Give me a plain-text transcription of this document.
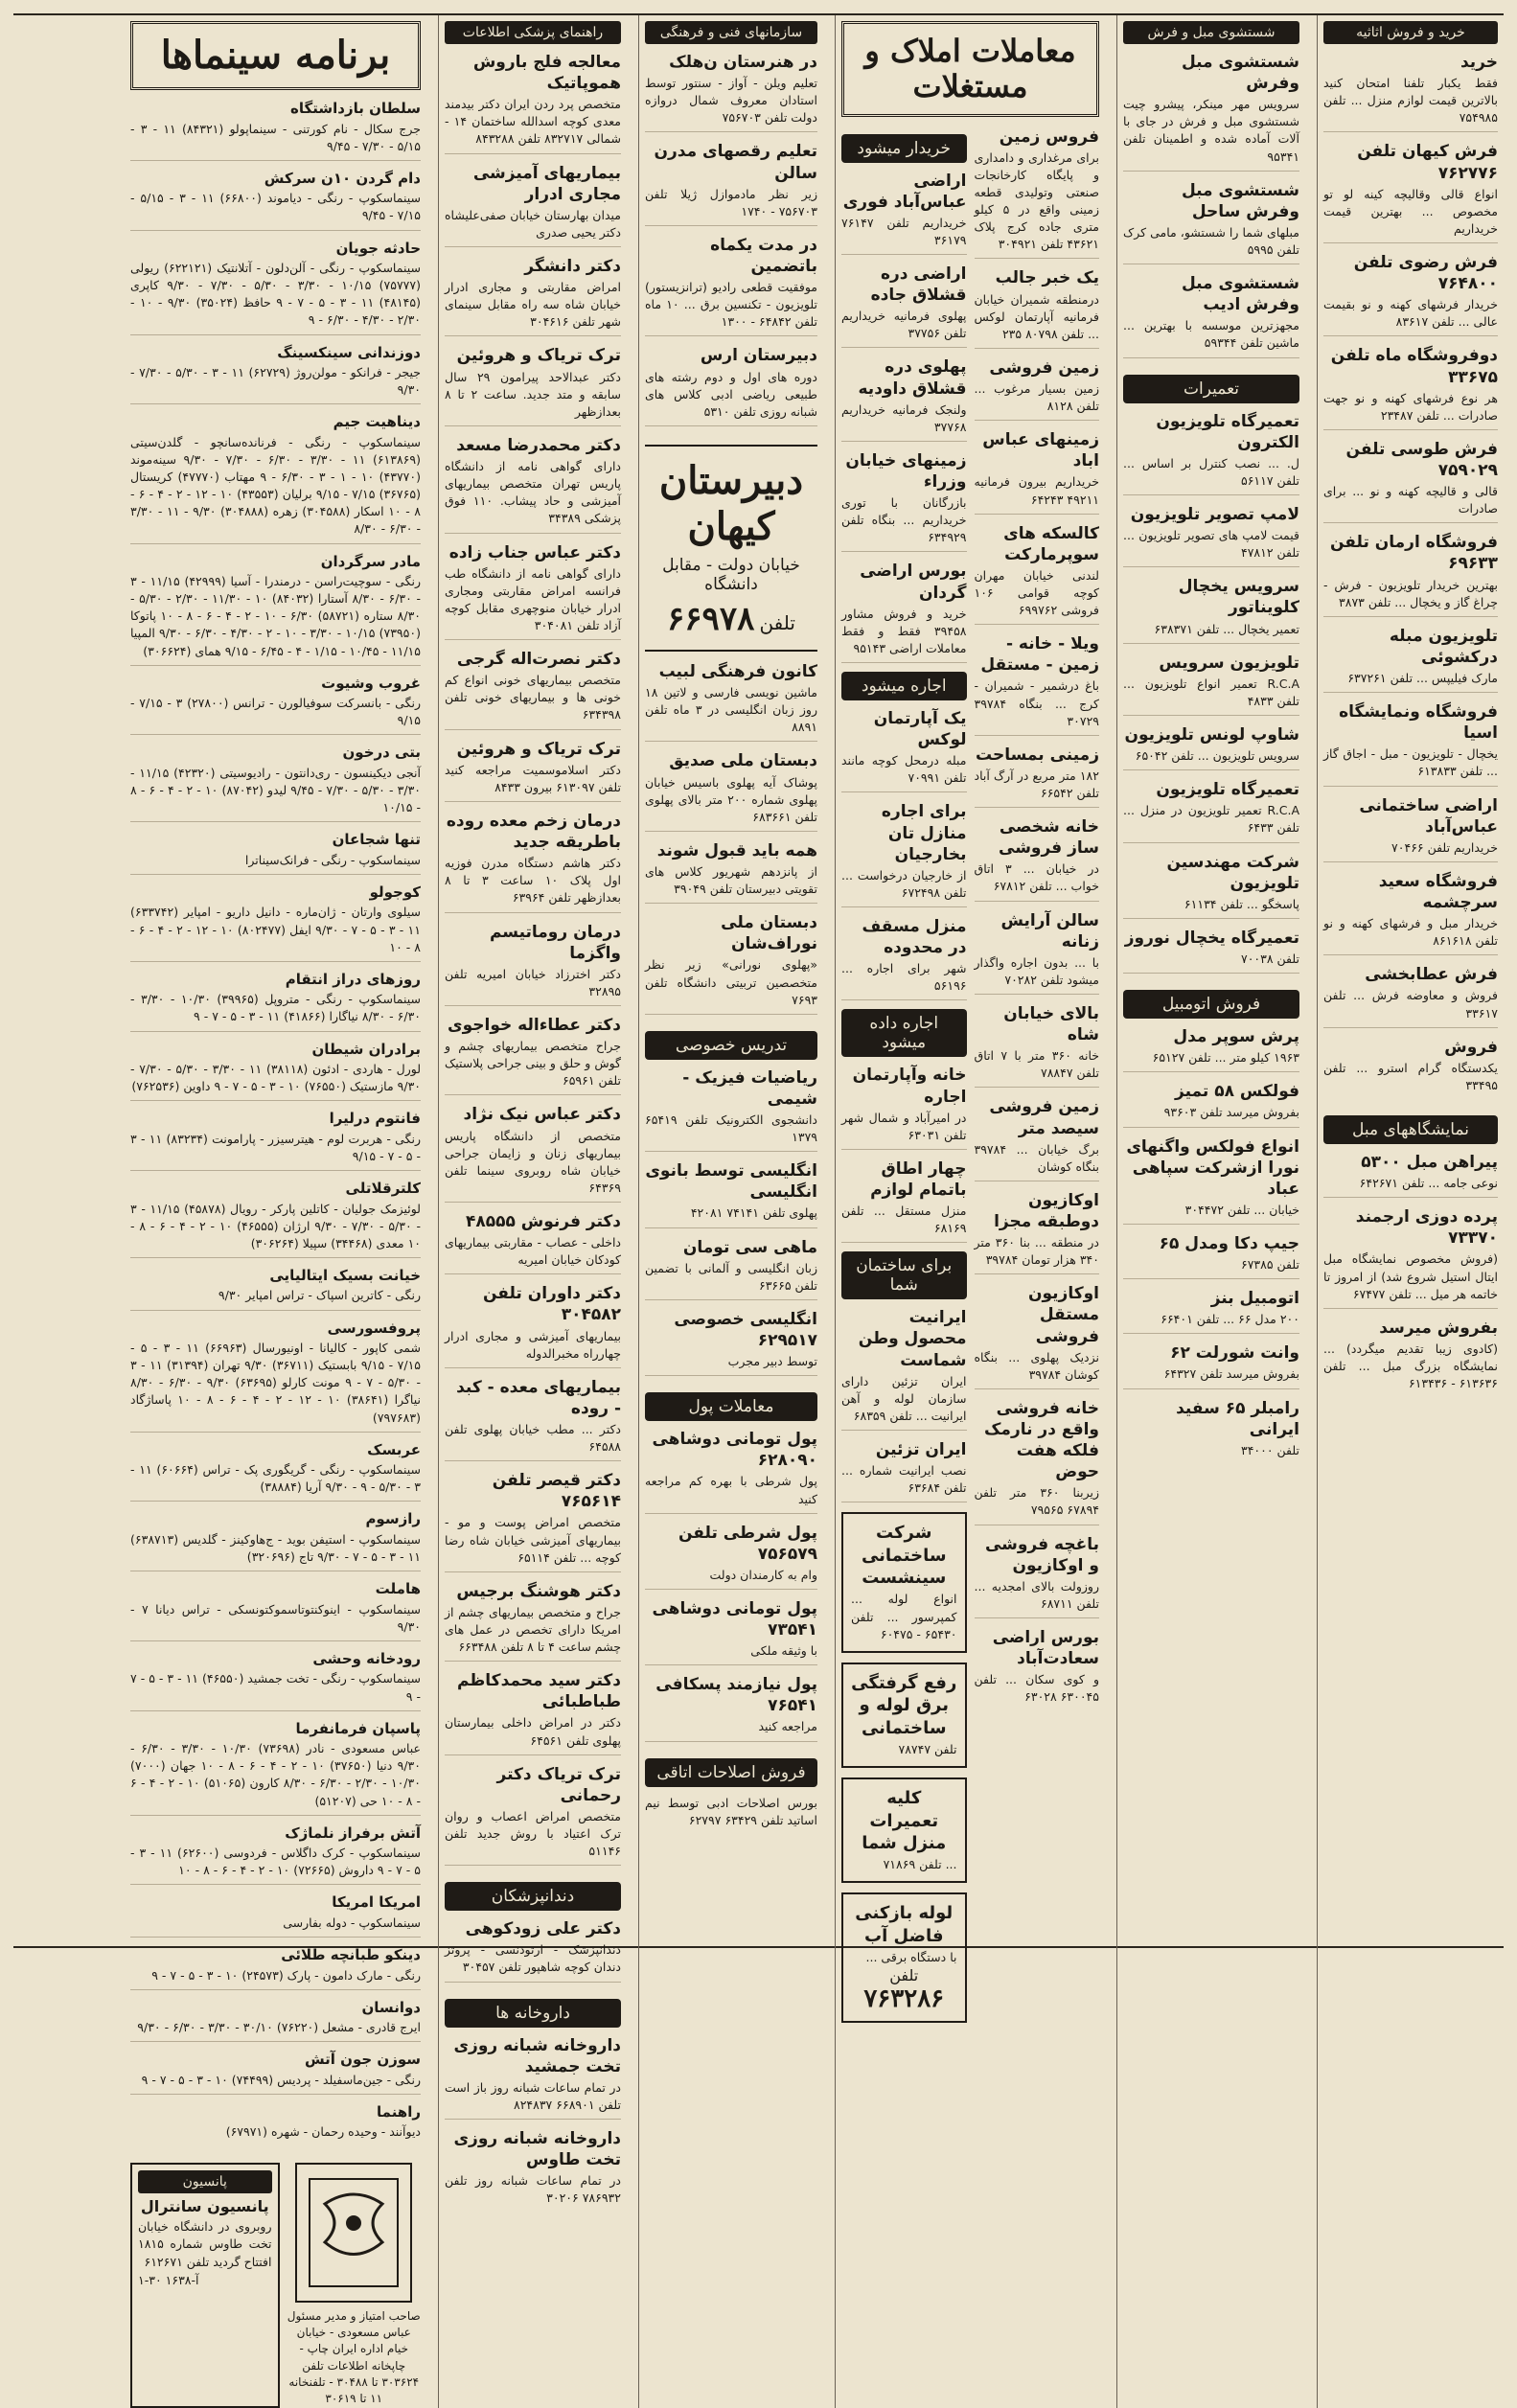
خرید و فروش اثاثیه
خرید
فقط یکبار تلفنا امتحان کنید بالاترین قیمت لوازم منزل ... تلفن ۷۵۴۹۸۵
فرش کیهان تلفن ۷۶۲۷۷۶
انواع قالی وقالیچه کینه‌ لو تو مخصوص ... بهترین قیمت خریداریم
فرش رضوی تلفن ۷۶۴۸۰۰
خریدار فرشهای کهنه و نو بقیمت عالی ... تلفن ۸۳۶۱۷
دوفروشگاه ماه تلفن ۳۳۶۷۵
هر نوع فرشهای کهنه و نو جهت صادرات ... تلفن ۲۳۴۸۷
فرش طوسی تلفن ۷۵۹۰۲۹
قالی و قالیچه کهنه و نو ... برای صادرات
فروشگاه ارمان تلفن ۶۹۶۳۳
بهترین خریدار تلویزیون - فرش - چراغ گاز و یخچال ... تلفن ۳۸۷۳
تلویزیون مبله درکشوئی
مارک فیلیپس ... تلفن ۶۳۷۲۶۱
فروشگاه ونمایشگاه اسیا
یخچال - تلویزیون - مبل - اجاق گاز ... تلفن ۶۱۳۸۳۳
اراضی ساختمانی عباس‌آباد
خریداریم تلفن ۷۰۴۶۶
فروشگاه سعید سرچشمه
خریدار مبل و فرشهای کهنه و نو تلفن ۸۶۱۶۱۸
فرش عطابخشی
فروش و معاوضه فرش ... تلفن ۳۳۶۱۷
فروش
یکدستگاه گرام استرو ... تلفن ۳۳۴۹۵
نمایشگاههای مبل
پیراهن مبل ۵۳۰۰
نوعی جامه ... تلفن ۶۴۲۶۷۱
پرده دوزی ارجمند ۷۳۳۷۰
(فروش مخصوص نمایشگاه مبل ایتال استیل شروع شد) از امروز تا خاتمه هر میل ... تلفن ۶۷۴۷۷
بفروش میرسد
(کادوی زیبا تقدیم میگردد) ... نمایشگاه بزرگ مبل ... تلفن ۶۱۳۶۳۶ - ۶۱۳۴۳۶
شستشوی مبل و فرش
شستشوی مبل وفرش
سرویس مهر مینکر، پیشرو چیت شستشوی مبل و فرش در جای با آلات آماده شده و اطمینان تلفن ۹۵۳۴۱
شستشوی مبل وفرش ساحل
مبلهای شما را شستشو، مامی کرک تلفن ۵۹۹۵
شستشوی مبل وفرش ادیب
مجهزترین موسسه با بهترین ... ماشین تلفن ۵۹۳۴۴
تعمیرات
تعمیرگاه تلویزیون الکترون
ل. ... نصب کنترل بر اساس ... تلفن ۵۶۱۱۷
لامپ تصویر تلویزیون
قیمت لامپ های تصویر تلویزیون ... تلفن ۴۷۸۱۲
سرویس یخچال کلویناتور
تعمیر یخچال ... تلفن ۶۳۸۳۷۱
تلویزیون سرویس
R.C.A تعمیر انواع تلویزیون ... تلفن ۴۸۳۳
شاوپ لونس تلویزیون
سرویس تلویزیون ... تلفن ۶۵۰۴۲
تعمیرگاه تلویزیون
R.C.A تعمیر تلویزیون در منزل ... تلفن ۶۴۳۳
شرکت مهندسین تلویزیون
پاسخگو ... تلفن ۶۱۱۳۴
تعمیرگاه یخچال نوروز
تلفن ۷۰۰۳۸
فروش اتومبیل
پرش سوپر مدل
۱۹۶۳ کیلو متر ... تلفن ۶۵۱۲۷
فولکس ۵۸ تمیز
بفروش میرسد تلفن ۹۳۶۰۳
انواع فولکس واگنهای نورا ازشرکت سپاهی عباد
خیابان ... تلفن ۳۰۴۴۷۲
جیپ دکا ومدل ۶۵
تلفن ۶۷۳۸۵
اتومبیل بنز
۲۰۰ مدل ۶۶ ... تلفن ۶۶۴۰۱
وانت شورلت ۶۲
بفروش میرسد تلفن ۶۴۳۲۷
رامبلر ۶۵ سفید ایرانی
تلفن ۳۴۰۰۰
معاملات املاک و مستغلات
فروس زمین
برای مرغداری و دامداری و پایگاه کارخانجات صنعتی وتولیدی قطعه زمینی واقع در ۵ کیلو متری جاده کرج پلاک ۴۳۶۲۱ تلفن ۳۰۴۹۲۱
یک خبر جالب
درمنطقه شمیران خیابان فرمانیه آپارتمان لوکس ... تلفن ۸۰۷۹۸ ۲۳۵
زمین فروشی
زمین بسیار مرغوب ... تلفن ۸۱۲۸
زمینهای عباس اباد
خریداریم بیرون فرمانیه ۴۹۲۱۱ ۶۴۲۴۳
کالسکه های سوپرمارکت
لندنی خیابان مهران کوچه قوامی ۱۰۶ فروشی ۶۹۹۷۶۲
ویلا - خانه - زمین - مستقل
باغ درشمیر - شمیران - کرج ... بنگاه ۳۹۷۸۴ ۳۰۷۲۹
زمینی بمساحت
۱۸۲ متر مربع در آرگ آباد تلفن ۶۶۵۴۲
خانه شخصی ساز فروشی
در خیابان ... ۳ اتاق خواب ... تلفن ۶۷۸۱۲
سالن آرایش زنانه
با ... بدون اجاره واگذار میشود تلفن ۷۰۲۸۲
بالای خیابان شاه
خانه ۳۶۰ متر با ۷ اتاق تلفن ۷۸۸۴۷
زمین فروشی سیصد متر
برگ خیابان ... ۳۹۷۸۴ بنگاه کوشان
اوکازیون دوطبقه مجزا
در منطقه ... بنا ۳۶۰ متر ۳۴۰ هزار تومان ۳۹۷۸۴
اوکازیون مستقل فروشی
نزدیک پهلوی ... بنگاه کوشان ۳۹۷۸۴
خانه فروشی واقع در نارمک فلکه هفت حوض
زیربنا ۳۶۰ متر تلفن ۶۷۸۹۴ ۷۹۵۶۵
باغچه فروشی و اوکازیون
روزولت بالای امجدیه ... تلفن ۶۸۷۱۱
بورس اراضی سعادت‌آباد
و کوی سکان ... تلفن ۶۳۰۰۴۵ ۶۳۰۲۸
خریدار میشود
اراضی عباس‌آباد فوری
خریداریم تلفن ۷۶۱۴۷ ۳۶۱۷۹
اراضی دره قشلاق جاده
پهلوی فرمانیه خریداریم تلفن ۳۷۷۵۶
پهلوی دره قشلاق داوديه
ولنجک فرمانیه خریداریم ۳۷۷۶۸
زمینهای خیابان وزراء
بازرگانان با توری خریداریم ... بنگاه تلفن ۶۳۴۹۲۹
بورس اراضی گردان
خرید و فروش مشاور ۳۹۴۵۸ فقط و فقط معاملات اراضی ۹۵۱۴۳
اجاره میشود
یک آپارتمان لوکس
مبله درمحل کوچه مانند تلفن ۷۰۹۹۱
برای اجاره منازل تان بخارجیان
از خارجیان درخواست ... تلفن ۶۷۲۴۹۸
منزل مسقف در محدوده
شهر برای اجاره ... ۵۶۱۹۶
اجاره داده میشود
خانه وآپارتمان اجاره
در امیرآباد و شمال شهر تلفن ۶۳۰۳۱
چهار اطاق باتمام لوازم
منزل مستقل ... تلفن ۶۸۱۶۹
برای ساختمان شما
ایرانیت محصول وطن شماست
ایران تزئین دارای سازمان لوله و آهن ایرانیت ... تلفن ۶۸۳۵۹
ایران تزئین
نصب ایرانیت شماره ... تلفن ۶۳۶۸۴
شرکت ساختمانی سینشست
انواع لوله ... کمپرسور ... تلفن ۶۵۴۳۰ - ۶۰۴۷۵
رفع گرفتگی برق لوله و ساختمانی
تلفن ۷۸۷۴۷
کلیه تعمیرات منزل شما
... تلفن ۷۱۸۶۹
لوله بازکنی فاضل آب
با دستگاه برقی ...
تلفن ۷۶۳۲۸۶
سازمانهای فنی و فرهنگی
در هنرستان ن‌هلک
تعلیم ویلن - آواز - سنتور توسط استادان معروف شمال دروازه دولت تلفن ۷۵۶۷۰۳
تعلیم رقصهای مدرن سالن
زیر نظر مادموازل ژیلا تلفن ۷۵۶۷۰۳ - ۱۷۴۰
در مدت یکماه باتضمین
موفقیت قطعی رادیو (ترانزیستور) تلویزیون - تکنسین برق ... ۱۰ ماه تلفن ۶۴۸۴۲ - ۱۳۰۰
دبیرستان ارس
دوره های اول و دوم رشته های طبیعی ریاضی ادبی کلاس های شبانه روزی تلفن ۵۳۱۰
دبیرستان کیهان
خیابان دولت - مقابل دانشگاه
تلفن ۶۶۹۷۸
کانون فرهنگی لبیب
ماشین نویسی فارسی و لاتین ۱۸ روز زبان انگلیسی در ۳ ماه تلفن ۸۸۹۱
دبستان ملی صدیق
پوشاک آیه پهلوی باسیس خیابان پهلوی شماره ۲۰۰ متر بالای پهلوی تلفن ۶۸۳۶۶۱
همه باید قبول شوند
از پانزدهم شهریور کلاس های تقویتی دبیرستان تلفن ۳۹۰۴۹
دبستان ملی نوراف‌شان
«پهلوی نورانی» زیر نظر متخصصین تربیتی دانشگاه تلفن ۷۶۹۳
تدریس خصوصی
ریاضیات فیزیک - شیمی
دانشجوی الکترونیک تلفن ۶۵۴۱۹ ۱۳۷۹
انگلیسی توسط بانوی انگلیسی
پهلوی تلفن ۷۴۱۴۱ ۴۲۰۸۱
ماهی سی تومان
زبان انگلیسی و آلمانی با تضمین تلفن ۶۳۶۶۵
انگلیسی خصوصی ۶۲۹۵۱۷
توسط دبیر مجرب
معاملات پول
پول تومانی دوشاهی ۶۲۸۰۹۰
پول شرطی با بهره کم مراجعه کنید
پول شرطی تلفن ۷۵۶۵۷۹
وام به کارمندان دولت
پول تومانی دوشاهی ۷۳۵۴۱
با وثیقه ملکی
پول نیازمند پسکافی ۷۶۵۴۱
مراجعه کنید
فروش اصلاحات اتاقی
بورس اصلاحات ادبی توسط نیم اساتید تلفن ۶۳۴۲۹ ۶۲۷۹۷
راهنمای پزشکی اطلاعات
معالجه فلج باروش هموپاتیک
متخصص پرد ردن ایران دکتر بیدمند معدی کوچه اسدالله ساختمان ۱۴ - شمالی ۸۳۲۷۱۷ تلفن ۸۴۳۲۸۸
بیماریهای آمیزشی مجاری ادرار
میدان بهارستان خیابان صفی‌علیشاه دکتر یحیی صدری
دکتر دانشگر
امراض مقاربتی و مجاری ادرار خیابان شاه سه راه مقابل سینمای شهر تلفن ۳۰۴۶۱۶
ترک تریاک و هروئین
دکتر عبدالاحد پیرامون ۲۹ سال سابقه و متد جدید. ساعت ۲ تا ۸ بعدازظهر
دکتر محمدرضا مسعد
دارای گواهی نامه از دانشگاه پاریس تهران متخصص بیماریهای آمیزشی و حاد پیشاب. ۱۱۰ فوق پزشکی ۳۴۳۸۹
دکتر عباس جناب زاده
دارای گواهی نامه از دانشگاه طب فرانسه امراض مقاربتی ومجاری ادرار خیابان منوچهری مقابل کوچه آزاد تلفن ۳۰۴۰۸۱
دکتر نصرت‌اله گرجی
متخصص بیماریهای خونی انواع کم خونی ها و بیماریهای خونی تلفن ۶۳۴۳۹۸
ترک تریاک و هروئین
دکتر اسلاموسمیت مراجعه کنید تلفن ۶۱۳۰۹۷ بیرون ۸۴۳۳
درمان زخم معده روده باطریقه جدید
دکتر هاشم دستگاه مدرن فوزیه اول پلاک ۱۰ ساعت ۳ تا ۸ بعدازظهر تلفن ۶۳۹۶۴
درمان روماتیسم واگزما
دکتر اخترزاد خیابان امیریه تلفن ۳۲۸۹۵
دکتر عطاءاله خواجوی
جراح متخصص بیماریهای چشم و گوش و حلق و بینی جراحی پلاستیک تلفن ۶۵۹۶۱
دکتر عباس نیک نژاد
متخصص از دانشگاه پاریس بیماریهای زنان و زایمان جراحی خیابان شاه روبروی سینما تلفن ۶۴۳۶۹
دکتر فرنوش ۴۸۵۵۵
داخلی - عصاب - مقاربتی بیماریهای کودکان خیابان امیریه
دکتر داوران تلفن ۳۰۴۵۸۲
بیماریهای آمیزشی و مجاری ادرار چهارراه مخبرالدوله
بیماریهای معده - کبد - روده
دکتر ... مطب خیابان پهلوی تلفن ۶۴۵۸۸
دکتر قیصر تلفن ۷۶۵۶۱۴
متخصص امراض پوست و مو - بیماریهای آمیزشی خیابان شاه رضا کوچه ... تلفن ۶۵۱۱۴
دکتر هوشنگ برجیس
جراح و متخصص بیماریهای چشم از امریکا دارای تخصص در عمل های چشم ساعت ۴ تا ۸ تلفن ۶۶۳۴۸۸
دکتر سید محمدکاظم طباطبائی
دکتر در امراض داخلی بیمارستان پهلوی تلفن ۶۴۵۶۱
ترک تریاک دکتر رحمانی
متخصص امراض اعصاب و روان ترک اعتیاد با روش جدید تلفن ۵۱۱۴۶
دندانپزشکان
دکتر علی زودکوهی
دندانپزشک - ارتودنسی - پروتز دندان کوچه شاهپور تلفن ۳۰۴۵۷
داروخانه ها
داروخانه شبانه روزی تخت جمشید
در تمام ساعات شبانه روز باز است تلفن ۶۶۸۹۰۱ ۸۲۴۸۳۷
داروخانه شبانه روزی تخت طاوس
در تمام ساعات شبانه روز تلفن ۷۸۶۹۳۲ ۳۰۲۰۶
برنامه سینماها
سلطان بازداشتگاه
جرج سکال - نام کورتنی - سینماپولو (۸۴۳۲۱) ۱۱ - ۳ - ۵/۱۵ - ۷/۳۰ - ۹/۴۵
دام گردن ۱۰ن سرکش
سینماسکوپ - رنگی - دیاموند (۶۶۸۰۰) ۱۱ - ۳ - ۵/۱۵ - ۷/۱۵ - ۹/۴۵
حادثه جویان
سینماسکوپ - رنگی - آلن‌دلون - آتلانتیک (۶۲۲۱۲۱) ریولی (۷۵۷۷۷) ۱۰/۱۵ - ۳/۳۰ - ۵/۳۰ - ۷/۳۰ - ۹/۳۰ کاپری (۴۸۱۴۵) ۱۱ - ۳ - ۵ - ۷ - ۹ حافظ (۳۵۰۲۴) ۹/۳۰ - ۱۰ - ۲/۳۰ - ۴/۳۰ - ۶/۳۰ - ۹
دوزندانی سینکسینگ
جیجر - فرانکو - مولن‌روژ (۶۲۷۲۹) ۱۱ - ۳ - ۵/۳۰ - ۷/۳۰ - ۹/۳۰
دیناهیت جیم
سینماسکوپ - رنگی - فرنانده‌سانچو - گلدن‌سیتی (۶۱۳۸۶۹) ۱۱ - ۳/۳۰ - ۶/۳۰ - ۷/۳۰ - ۹/۳۰ سینه‌موند (۴۳۷۷۰) ۱۰ - ۱ - ۳ - ۶/۳۰ - ۹ مهتاب (۴۷۷۷۰) کریستال (۳۶۷۶۵) ۷/۱۵ - ۹/۱۵ برلیان (۴۳۵۵۳) ۱۰ - ۱۲ - ۲ - ۴ - ۶ - ۸ - ۱۰ اسکار (۳۰۴۵۸۸) زهره (۳۰۴۸۸۸) ۹/۳۰ - ۱۱ - ۳/۳۰ - ۶/۳۰ - ۸/۳۰
مادر سرگردان
رنگی - سوچیت‌راسن - درمندرا - آسیا (۴۲۹۹۹) ۱۱/۱۵ - ۳ - ۶/۳۰ - ۸/۳۰ آستارا (۸۴۰۳۲) ۱۰ - ۱۱/۳۰ - ۲/۳۰ - ۵/۳۰ - ۸/۳۰ ستاره (۵۸۷۲۱) ۶/۳۰ - ۱۰ - ۲ - ۴ - ۶ - ۸ - ۱۰ پاتوکا (۷۳۹۵۰) ۱۰/۱۵ - ۳/۳۰ - ۱۰ - ۲ - ۴/۳۰ - ۶/۳۰ - ۹/۳۰ المپیا ۱۱/۱۵ - ۱۰/۴۵ - ۱/۱۵ - ۴ - ۶/۴۵ - ۹/۱۵ همای (۳۰۶۶۲۴)
غروب وشیوت
رنگی - بانسرکت سوفیالورن - ترانس (۲۷۸۰۰) ۳ - ۷/۱۵ - ۹/۱۵
بتی درخون
آنجی دیکینسون - ری‌دانتون - رادیوسیتی (۴۲۳۲۰) ۱۱/۱۵ - ۳/۳۰ - ۵/۳۰ - ۷/۳۰ - ۹/۴۵ لیدو (۸۷۰۴۲) ۱۰ - ۲ - ۴ - ۶ - ۸ - ۱۰/۱۵
تنها شجاعان
سینماسکوپ - رنگی - فرانک‌سیناترا
کوجولو
سیلوی وارتان - ژان‌ماره - دانیل داریو - امپایر (۶۳۳۷۴۲) ۱۱ - ۳ - ۵ - ۷ - ۹/۳۰ ایفل (۸۰۲۴۷۷) ۱۰ - ۱۲ - ۲ - ۴ - ۶ - ۸ - ۱۰
روزهای دراز انتقام
سینماسکوپ - رنگی - متروپل (۳۹۹۶۵) ۱۰/۳۰ - ۳/۳۰ - ۶/۳۰ - ۸/۳۰ نیاگارا (۴۱۸۶۶) ۱۱ - ۳ - ۵ - ۷ - ۹
برادران شیطان
لورل - هاردی - ادئون (۳۸۱۱۸) ۱۱ - ۳/۳۰ - ۵/۳۰ - ۷/۳۰ - ۹/۳۰ مازستیک (۷۶۵۵۰) ۱۰ - ۳ - ۵ - ۷ - ۹ داوین (۷۶۲۵۳۶)
فانتوم درلیرا
رنگی - هربرت لوم - هیترسیزر - پارامونت (۸۳۲۳۴) ۱۱ - ۳ - ۵ - ۷ - ۹/۱۵
کلترقلاتلی
لوئیزمک جولیان - کاتلین پارکر - رویال (۴۵۸۷۸) ۱۱/۱۵ - ۳ - ۵/۳۰ - ۷/۳۰ - ۹/۳۰ ارژان (۴۶۵۵۵) ۱۰ - ۲ - ۴ - ۶ - ۸ - ۱۰ معدی (۳۴۴۶۸) سپیلا (۳۰۶۲۶۴)
خیانت بسیک ایتالیایی
رنگی - کاترین اسپاک - تراس امپایر ۹/۳۰
پروفسورسی
شمی کاپور - کالیانا - اونیورسال (۶۶۹۶۳) ۱۱ - ۳ - ۵ - ۷/۱۵ - ۹/۱۵ بابستیک (۳۶۷۱۱) ۹/۳۰ تهران (۳۱۳۹۴) ۱۱ - ۳ - ۵/۳۰ - ۷ - ۹ مونت کارلو (۶۳۶۹۵) ۹/۳۰ - ۶/۳۰ - ۸/۳۰ نیاگرا (۳۸۶۴۱) ۱۰ - ۱۲ - ۲ - ۴ - ۶ - ۸ - ۱۰ پاساژگاد (۷۹۷۶۸۳)
عربسک
سینماسکوپ - رنگی - گریگوری پک - تراس (۶۰۶۶۴) ۱۱ - ۳ - ۵/۳۰ - ۹ - ۹/۳۰ آریا (۳۸۸۸۴)
رازسوم
سینماسکوپ - استیفن بوید - ج‌هاوکینز - گلدیس (۶۳۸۷۱۳) ۱۱ - ۳ - ۵ - ۷ - ۹/۳۰ تاج (۳۲۰۶۹۶)
هاملت
سینماسکوپ - اینوکنتوتاسموکتونسکی - تراس دیانا ۷ - ۹/۳۰
رودخانه وحشی
سینماسکوپ - رنگی - تخت جمشید (۴۶۵۵۰) ۱۱ - ۳ - ۵ - ۷ - ۹
پاسپان فرمانفرما
عباس مسعودی - نادر (۷۳۶۹۸) ۱۰/۳۰ - ۳/۳۰ - ۶/۳۰ - ۹/۳۰ دنیا (۳۷۶۵۰) ۱۰ - ۲ - ۴ - ۶ - ۸ - ۱۰ جهان (۷۰۰۰) ۱۰/۳۰ - ۲/۳۰ - ۶/۳۰ - ۸/۳۰ کارون (۵۱۰۶۵) ۱۰ - ۲ - ۴ - ۶ - ۸ - ۱۰ حی (۵۱۲۰۷)
آتش برفراز نلماژک
سینماسکوپ - کرک داگلاس - فردوسی (۶۲۶۰۰) ۱۱ - ۳ - ۵ - ۷ - ۹ داروش (۷۲۶۶۵) ۱۰ - ۲ - ۴ - ۶ - ۸ - ۱۰
امریکا امریکا
سینماسکوپ - دوله بفارسی
دینکو طبانچه طلائی
رنگی - مارک دامون - پارک (۲۴۵۷۳) ۱۰ - ۳ - ۵ - ۷ - ۹
دوانسان
ایرج قادری - مشعل (۷۶۲۲۰) ۳۰/۱۰ - ۳/۳۰ - ۶/۳۰ - ۹/۳۰
سوزن جون آتش
رنگی - جین‌ماسفیلد - پردیس (۷۴۴۹۹) ۱۰ - ۳ - ۵ - ۷ - ۹
راهنما
دیوآنند - وحیده رحمان - شهره (۶۷۹۷۱)
صاحب امتیاز و مدیر مسئول عباس مسعودی - خیابان خیام اداره ایران چاپ - چاپخانه اطلاعات تلفن ۳۰۳۶۲۴ تا ۳۰۴۸۸ - تلفنخانه ۱۱ تا ۳۰۶۱۹
پانسیون
پانسیون سانترال
روبروی در دانشگاه خیابان تخت طاوس شماره ۱۸۱۵ افتتاح گردید تلفن ۶۱۲۶۷۱
۱-۳۰ آ-۱۶۳۸
